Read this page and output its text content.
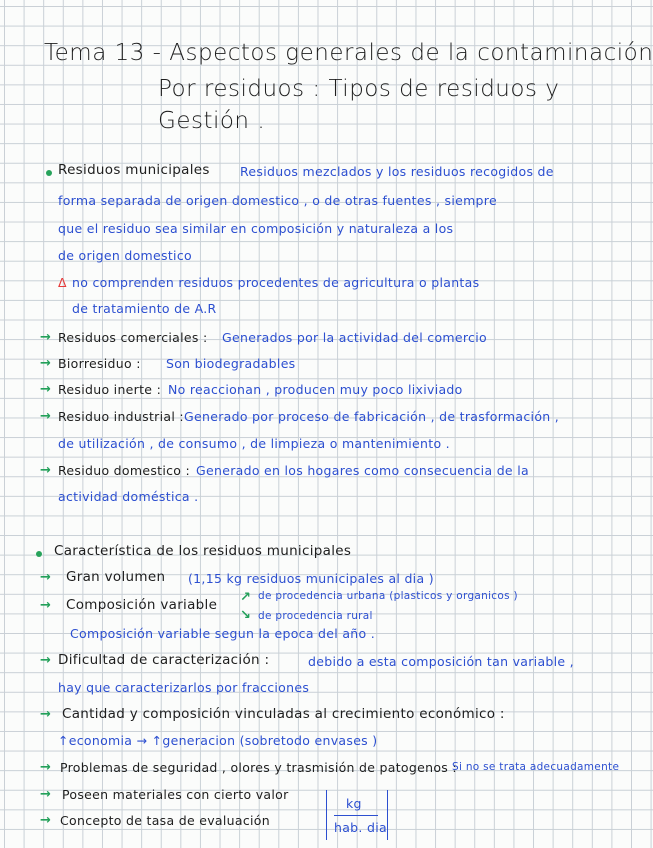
Tema 13 - Aspectos generales de la contaminación
Por residuos : Tipos de residuos y
Gestión .
Residuos municipales Residuos mezclados y los residuos recogidos de
forma separada de origen domestico , o de otras fuentes , siempre
que el residuo sea similar en composición y naturaleza a los
de origen domestico
Δ no comprenden residuos procedentes de agricultura o plantas
de tratamiento de A.R
→ Residuos comerciales : Generados por la actividad del comercio
→ Biorresiduo : Son biodegradables
→ Residuo inerte : No reaccionan , producen muy poco lixiviado
→ Residuo industrial : Generado por proceso de fabricación , de trasformación ,
de utilización , de consumo , de limpieza o mantenimiento .
→ Residuo domestico : Generado en los hogares como consecuencia de la
actividad doméstica .
Característica de los residuos municipales
→ Gran volumen (1,15 kg residuos municipales al dia )
→ Composición variable ↗ de procedencia urbana (plasticos y organicos )
↘ de procedencia rural
Composición variable segun la epoca del año .
→ Dificultad de caracterización :	debido a esta composición tan variable ,
hay que caracterizarlos por fracciones
→ Cantidad y composición vinculadas al crecimiento económico :
↑economia → ↑generacion (sobretodo envases )
→ Problemas de seguridad , olores y trasmisión de patogenos :
Si no se trata adecuadamente
→ Poseen materiales con cierto valor
→ Concepto de tasa de evaluación
kg
hab. dia
